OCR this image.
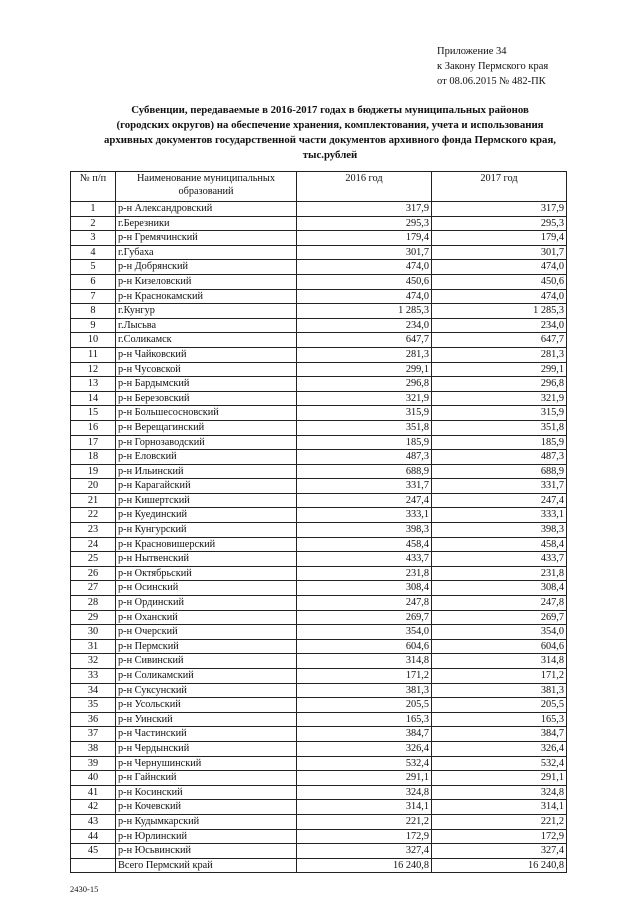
Приложение 34
к Закону Пермского края
от 08.06.2015 № 482-ПК
Субвенции, передаваемые в 2016-2017 годах в бюджеты муниципальных районов
(городских округов) на обеспечение хранения, комплектования, учета и использования
архивных документов государственной части документов архивного фонда Пермского края,
тыс.рублей
№ п/п	Наименование муниципальных образований	2016 год	2017 год
1	р-н Александровский	317,9	317,9
2	г.Березники	295,3	295,3
3	р-н Гремячинский	179,4	179,4
4	г.Губаха	301,7	301,7
5	р-н Добрянский	474,0	474,0
6	р-н Кизеловский	450,6	450,6
7	р-н Краснокамский	474,0	474,0
8	г.Кунгур	1 285,3	1 285,3
9	г.Лысьва	234,0	234,0
10	г.Соликамск	647,7	647,7
11	р-н Чайковский	281,3	281,3
12	р-н Чусовской	299,1	299,1
13	р-н Бардымский	296,8	296,8
14	р-н Березовский	321,9	321,9
15	р-н Большесосновский	315,9	315,9
16	р-н Верещагинский	351,8	351,8
17	р-н Горнозаводский	185,9	185,9
18	р-н Еловский	487,3	487,3
19	р-н Ильинский	688,9	688,9
20	р-н Карагайский	331,7	331,7
21	р-н Кишертский	247,4	247,4
22	р-н Куединский	333,1	333,1
23	р-н Кунгурский	398,3	398,3
24	р-н Красновишерский	458,4	458,4
25	р-н Нытвенский	433,7	433,7
26	р-н Октябрьский	231,8	231,8
27	р-н Осинский	308,4	308,4
28	р-н Ординский	247,8	247,8
29	р-н Оханский	269,7	269,7
30	р-н Очерский	354,0	354,0
31	р-н Пермский	604,6	604,6
32	р-н Сивинский	314,8	314,8
33	р-н Соликамский	171,2	171,2
34	р-н Суксунский	381,3	381,3
35	р-н Усольский	205,5	205,5
36	р-н Уинский	165,3	165,3
37	р-н Частинский	384,7	384,7
38	р-н Чердынский	326,4	326,4
39	р-н Чернушинский	532,4	532,4
40	р-н Гайнский	291,1	291,1
41	р-н Косинский	324,8	324,8
42	р-н Кочевский	314,1	314,1
43	р-н Кудымкарский	221,2	221,2
44	р-н Юрлинский	172,9	172,9
45	р-н Юсьвинский	327,4	327,4
	Всего Пермский край	16 240,8	16 240,8
2430-15
